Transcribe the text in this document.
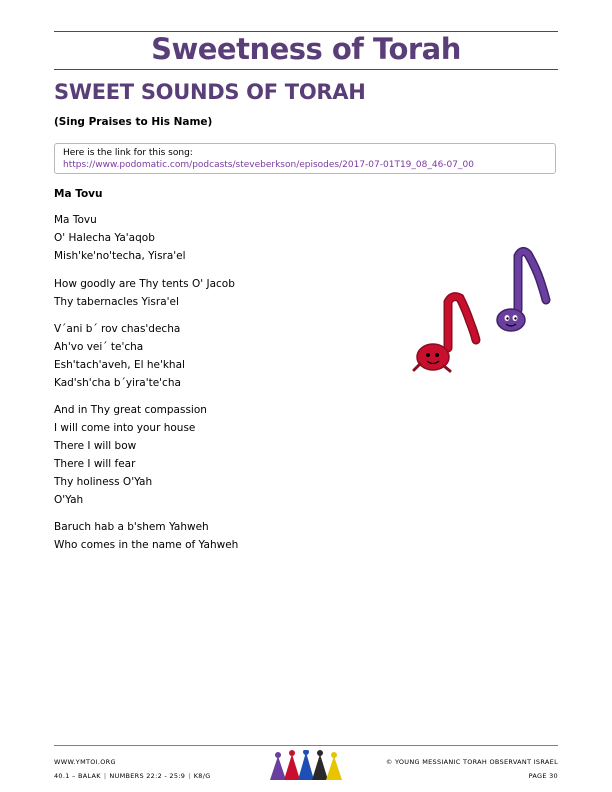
Sweetness of Torah
SWEET SOUNDS OF TORAH
(Sing Praises to His Name)
Here is the link for this song:
https://www.podomatic.com/podcasts/steveberkson/episodes/2017-07-01T19_08_46-07_00
Ma Tovu
Ma Tovu
O' Halecha Ya'aqob
Mish'ke'no'techa, Yisra'el
How goodly are Thy tents O' Jacob
Thy tabernacles Yisra'el
V´ani b´ rov chas'decha
Ah'vo vei´ te'cha
Esh'tach'aveh, El he'khal
Kad'sh'cha b´yira'te'cha
And in Thy great compassion
I will come into your house
There I will bow
There I will fear
Thy holiness O'Yah
O'Yah
Baruch hab a b'shem Yahweh
Who comes in the name of Yahweh
WWW.YMTOI.ORG
40.1 – BALAK | NUMBERS 22:2 - 25:9 | K8/G
© YOUNG MESSIANIC TORAH OBSERVANT ISRAEL
PAGE 30
